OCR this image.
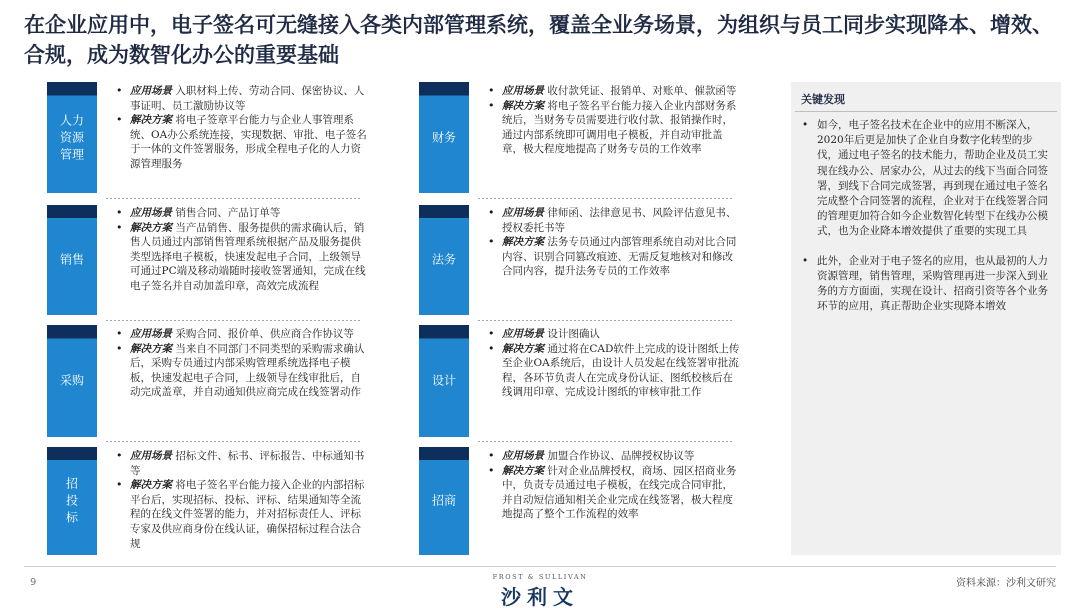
在企业应用中，电子签名可无缝接入各类内部管理系统，覆盖全业务场景，为组织与员工同步实现降本、增效、合规，成为数智化办公的重要基础
人力资源管理
• 应用场景 入职材料上传、劳动合同、保密协议、人事证明、员工激励协议等
• 解决方案 将电子签章平台能力与企业人事管理系统、OA办公系统连接，实现数据、审批、电子签名于一体的文件签署服务，形成全程电子化的人力资源管理服务
销售
• 应用场景 销售合同、产品订单等
• 解决方案 当产品销售、服务提供的需求确认后，销售人员通过内部销售管理系统根据产品及服务提供类型选择电子模板，快速发起电子合同，上级领导可通过PC端及移动端随时接收签署通知，完成在线电子签名并自动加盖印章，高效完成流程
采购
• 应用场景 采购合同、报价单、供应商合作协议等
• 解决方案 当来自不同部门不同类型的采购需求确认后，采购专员通过内部采购管理系统选择电子模板，快速发起电子合同，上级领导在线审批后，自动完成盖章，并自动通知供应商完成在线签署动作
招投标
• 应用场景 招标文件、标书、评标报告、中标通知书等
• 解决方案 将电子签名平台能力接入企业的内部招标平台后，实现招标、投标、评标、结果通知等全流程的在线文件签署的能力，并对招标责任人、评标专家及供应商身份在线认证，确保招标过程合法合规
财务
• 应用场景 收付款凭证、报销单、对账单、催款函等
• 解决方案 将电子签名平台能力接入企业内部财务系统后，当财务专员需要进行收付款、报销操作时，通过内部系统即可调用电子模板，并自动审批盖章，极大程度地提高了财务专员的工作效率
法务
• 应用场景 律师函、法律意见书、风险评估意见书、授权委托书等
• 解决方案 法务专员通过内部管理系统自动对比合同内容、识别合同篡改痕迹、无需反复地核对和修改合同内容，提升法务专员的工作效率
设计
• 应用场景 设计图确认
• 解决方案 通过将在CAD软件上完成的设计图纸上传至企业OA系统后，由设计人员发起在线签署审批流程，各环节负责人在完成身份认证、图纸校核后在线调用印章、完成设计图纸的审核审批工作
招商
• 应用场景 加盟合作协议、品牌授权协议等
• 解决方案 针对企业品牌授权，商场、园区招商业务中，负责专员通过电子模板，在线完成合同审批，并自动短信通知相关企业完成在线签署，极大程度地提高了整个工作流程的效率
关键发现
• 如今，电子签名技术在企业中的应用不断深入，2020年后更是加快了企业自身数字化转型的步伐，通过电子签名的技术能力，帮助企业及员工实现在线办公、居家办公，从过去的线下当面合同签署，到线下合同完成签署，再到现在通过电子签名完成整个合同签署的流程，企业对于在线签署合同的管理更加符合如今企业数智化转型下在线办公模式，也为企业降本增效提供了重要的实现工具
• 此外，企业对于电子签名的应用，也从最初的人力资源管理，销售管理，采购管理再进一步深入到业务的方方面面，实现在设计、招商引资等各个业务环节的应用，真正帮助企业实现降本增效
9	FROST & SULLIVAN
沙利文
资料来源：沙利文研究
